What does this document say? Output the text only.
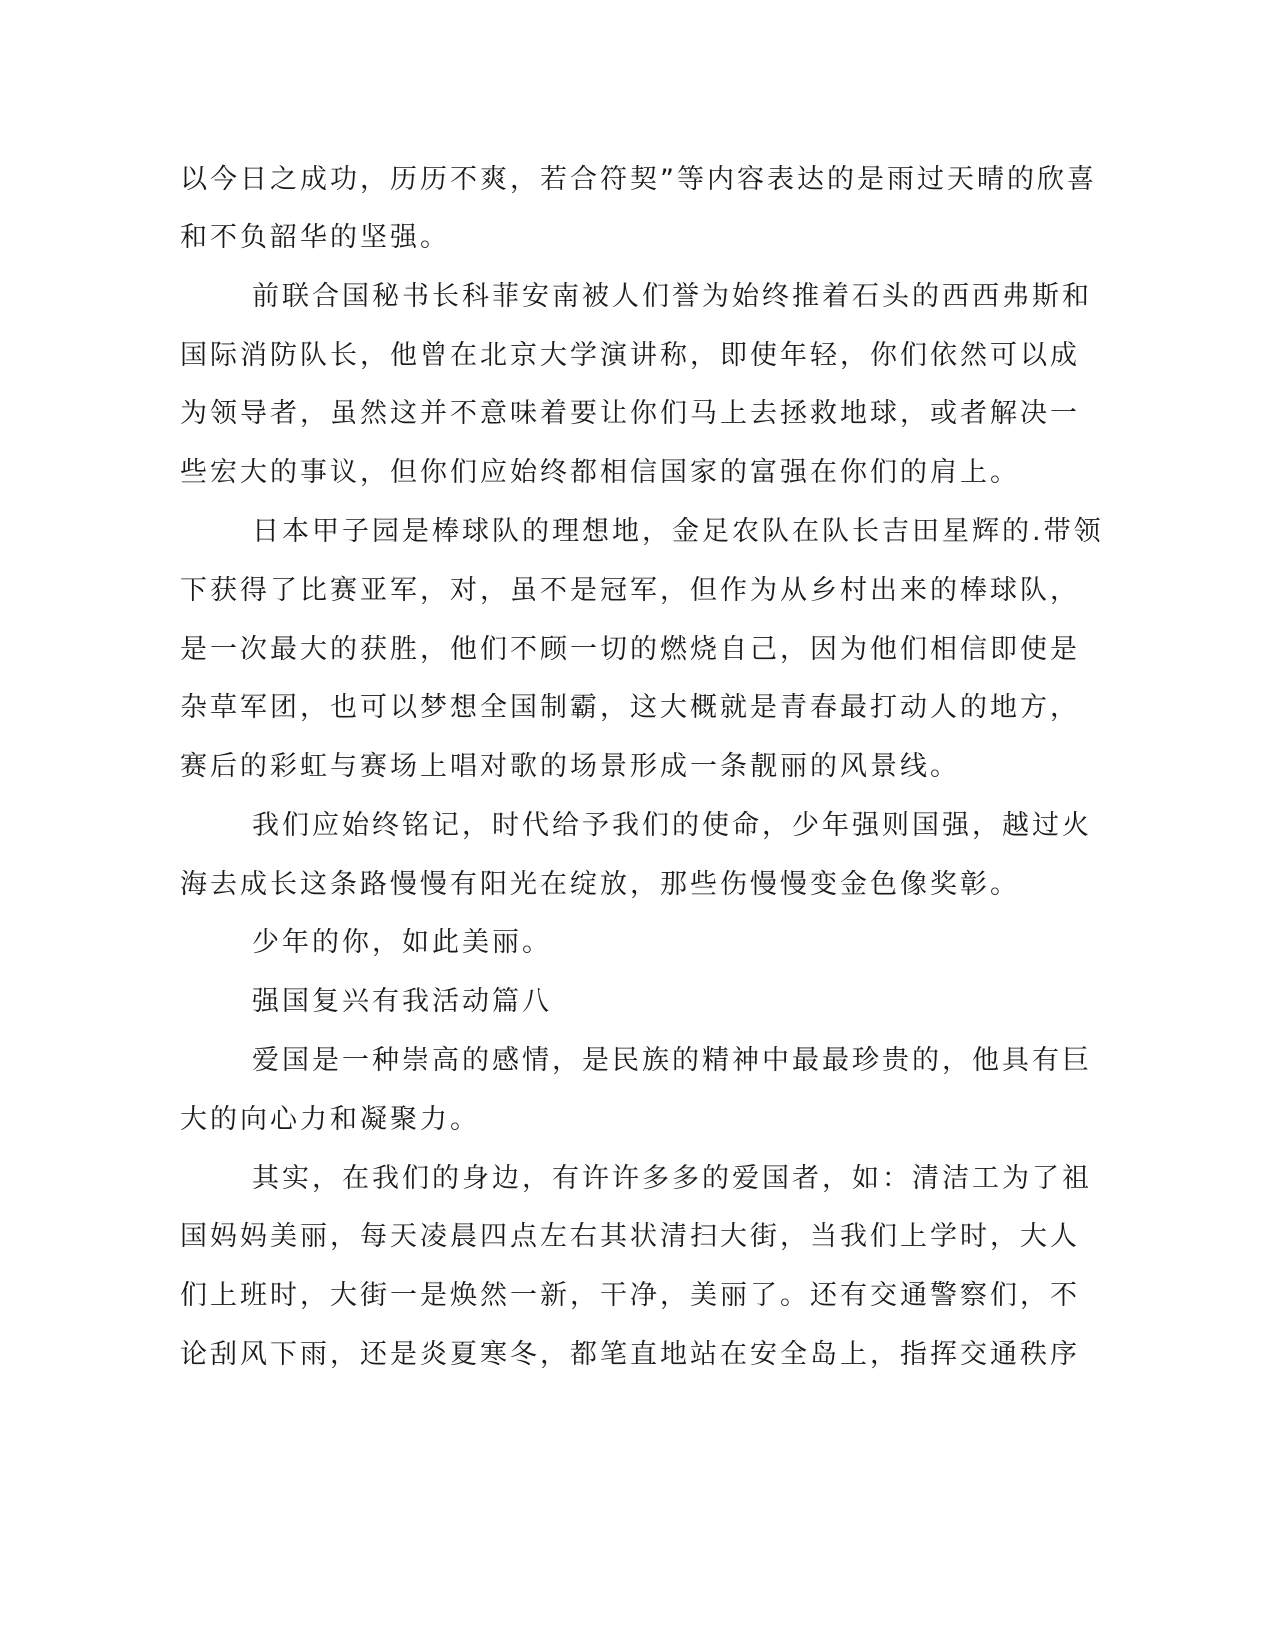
以今日之成功，历历不爽，若合符契”等内容表达的是雨过天晴的欣喜
和不负韶华的坚强。
前联合国秘书长科菲安南被人们誉为始终推着石头的西西弗斯和
国际消防队长，他曾在北京大学演讲称，即使年轻，你们依然可以成
为领导者，虽然这并不意味着要让你们马上去拯救地球，或者解决一
些宏大的事议，但你们应始终都相信国家的富强在你们的肩上。
日本甲子园是棒球队的理想地，金足农队在队长吉田星辉的.带领
下获得了比赛亚军，对，虽不是冠军，但作为从乡村出来的棒球队，
是一次最大的获胜，他们不顾一切的燃烧自己，因为他们相信即使是
杂草军团，也可以梦想全国制霸，这大概就是青春最打动人的地方，
赛后的彩虹与赛场上唱对歌的场景形成一条靓丽的风景线。
我们应始终铭记，时代给予我们的使命，少年强则国强，越过火
海去成长这条路慢慢有阳光在绽放，那些伤慢慢变金色像奖彰。
少年的你，如此美丽。
强国复兴有我活动篇八
爱国是一种崇高的感情，是民族的精神中最最珍贵的，他具有巨
大的向心力和凝聚力。
其实，在我们的身边，有许许多多的爱国者，如：清洁工为了祖
国妈妈美丽，每天凌晨四点左右其状清扫大街，当我们上学时，大人
们上班时，大街一是焕然一新，干净，美丽了。还有交通警察们，不
论刮风下雨，还是炎夏寒冬，都笔直地站在安全岛上，指挥交通秩序
